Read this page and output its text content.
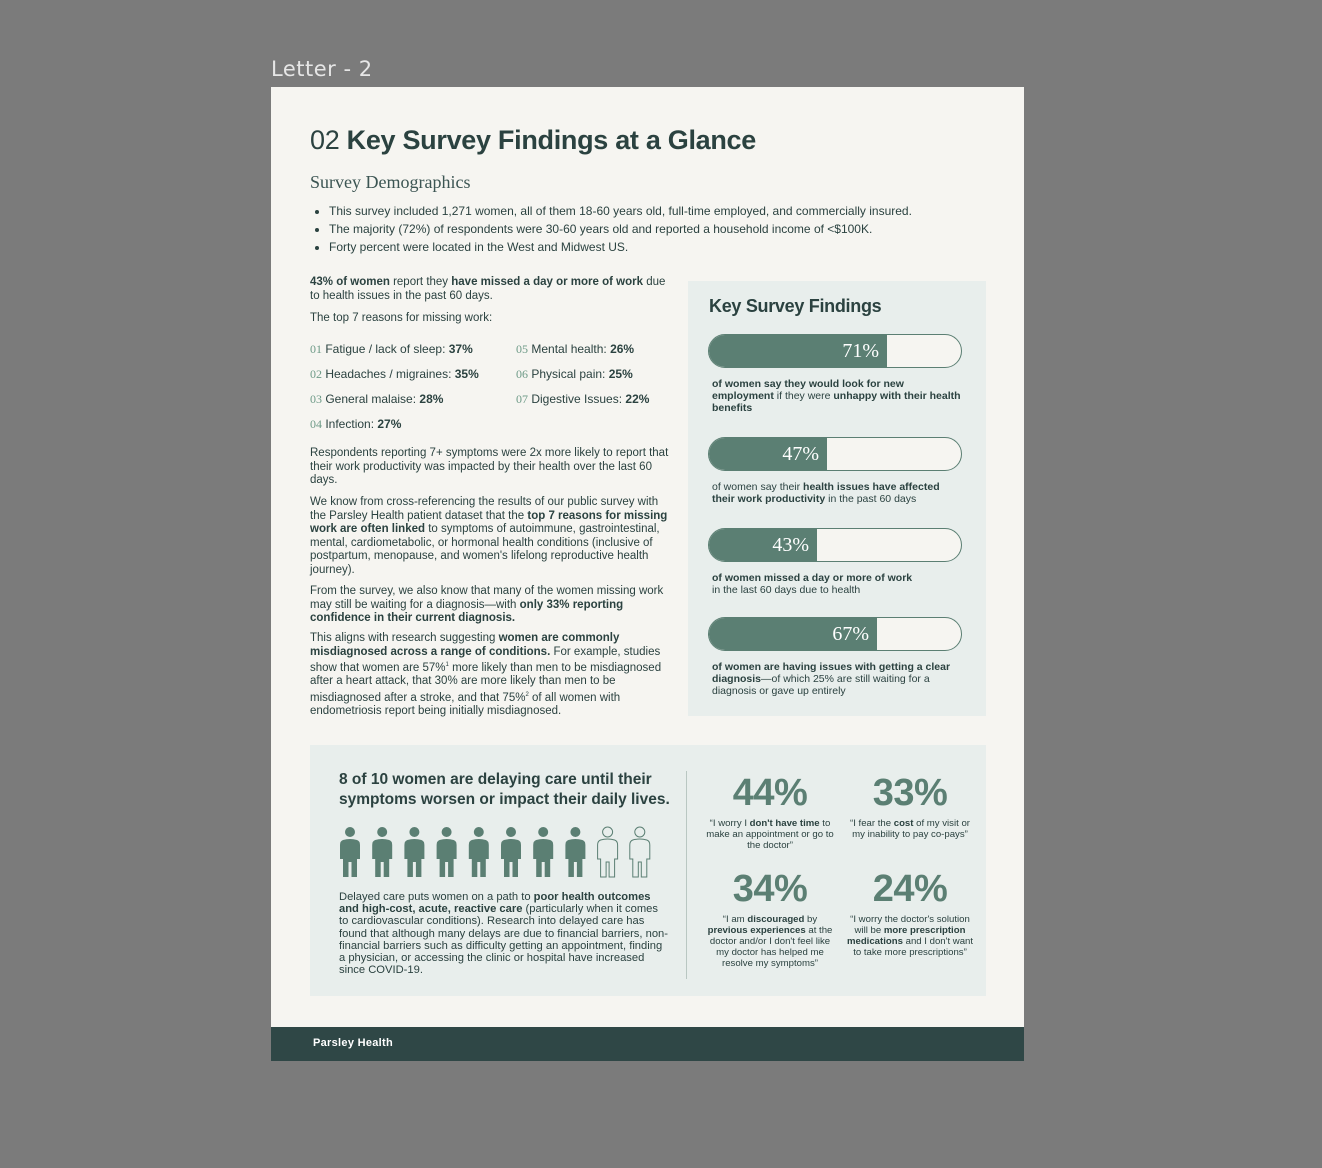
Letter - 2
02 Key Survey Findings at a Glance
Survey Demographics
• This survey included 1,271 women, all of them 18-60 years old, full-time employed, and commercially insured.
• The majority (72%) of respondents were 30-60 years old and reported a household income of <$100K.
• Forty percent were located in the West and Midwest US.

43% of women report they have missed a day or more of work due to health issues in the past 60 days.

The top 7 reasons for missing work:
01 Fatigue / lack of sleep: 37%
02 Headaches / migraines: 35%
03 General malaise: 28%
04 Infection: 27%
05 Mental health: 26%
06 Physical pain: 25%
07 Digestive Issues: 22%
Respondents reporting 7+ symptoms were 2x more likely to report that their work productivity was impacted by their health over the last 60 days.
We know from cross-referencing the results of our public survey with the Parsley Health patient dataset that the top 7 reasons for missing work are often linked to symptoms of autoimmune, gastrointestinal, mental, cardiometabolic, or hormonal health conditions (inclusive of postpartum, menopause, and women's lifelong reproductive health journey).
From the survey, we also know that many of the women missing work may still be waiting for a diagnosis—with only 33% reporting confidence in their current diagnosis.
This aligns with research suggesting women are commonly misdiagnosed across a range of conditions. For example, studies show that women are 57%$^1$ more likely than men to be misdiagnosed after a heart attack, that 30% are more likely than men to be misdiagnosed after a stroke, and that 75%$^2$ of all women with endometriosis report being initially misdiagnosed.
Key Survey Findings
71%
of women say they would look for new employment if they were unhappy with their health benefits
47%
of women say their health issues have affected their work productivity in the past 60 days
43%
of women missed a day or more of work
in the last 60 days due to health
67%
of women are having issues with getting a clear diagnosis—of which 25% are still waiting for a diagnosis or gave up entirely
8 of 10 women are delaying care until their symptoms worsen or impact their daily lives.
Delayed care puts women on a path to poor health outcomes and high-cost, acute, reactive care (particularly when it comes to cardiovascular conditions). Research into delayed care has found that although many delays are due to financial barriers, non-financial barriers such as difficulty getting an appointment, finding a physician, or accessing the clinic or hospital have increased since COVID-19.
44%
“I worry I don't have time to make an appointment or go to the doctor”
33%
“I fear the cost of my visit or my inability to pay co-pays”
34%
“I am discouraged by previous experiences at the doctor and/or I don't feel like my doctor has helped me resolve my symptoms”
24%
“I worry the doctor's solution will be more prescription medications and I don't want to take more prescriptions”
Parsley Health
